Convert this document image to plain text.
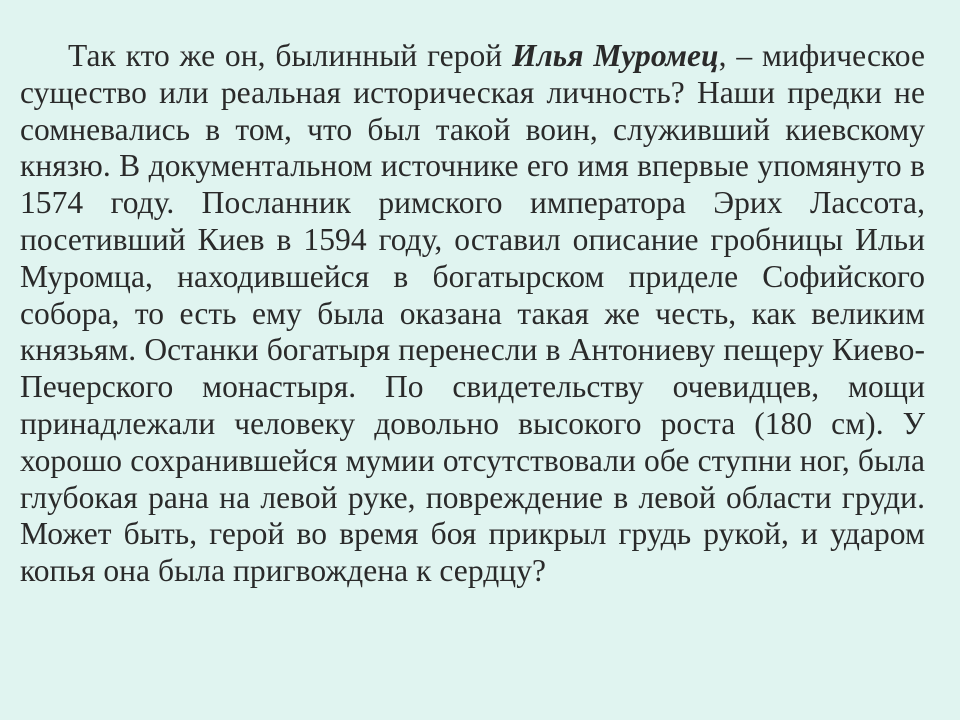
Так кто же он, былинный герой Илья Муромец, – мифическое существо или реальная историческая личность? Наши предки не сомневались в том, что был такой воин, служивший киевскому князю. В документальном источнике его имя впервые упомянуто в 1574 году. Посланник римского императора Эрих Лассота, посетивший Киев в 1594 году, оставил описание гробницы Ильи Муромца, находившейся в богатырском приделе Софийского собора, то есть ему была оказана такая же честь, как великим князьям. Останки богатыря перенесли в Антониеву пещеру Киево-Печерского монастыря. По свидетельству очевидцев, мощи принадлежали человеку довольно высокого роста (180 см). У хорошо сохранившейся мумии отсутствовали обе ступни ног, была глубокая рана на левой руке, повреждение в левой области груди. Может быть, герой во время боя прикрыл грудь рукой, и ударом копья она была пригвождена к сердцу?
